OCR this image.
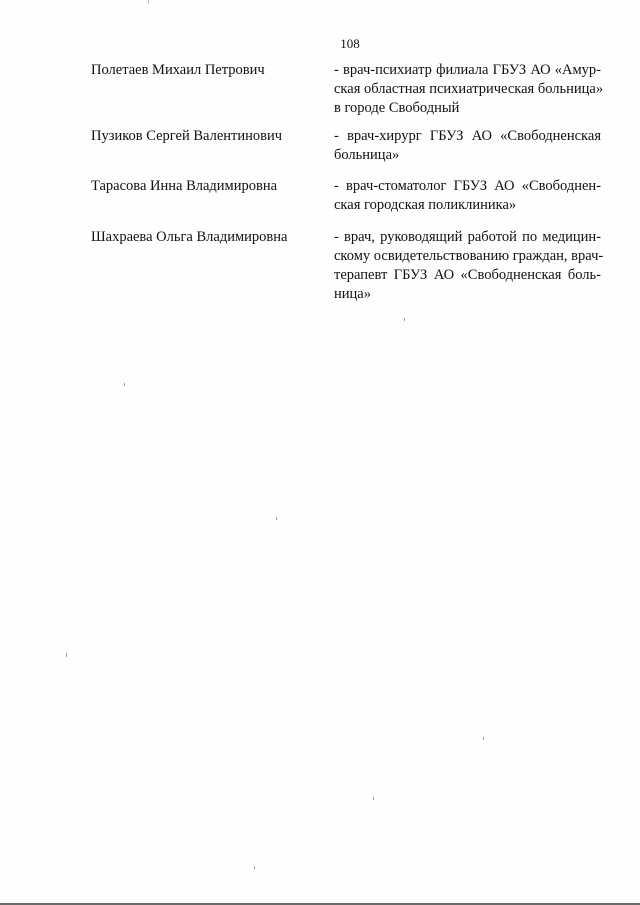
108
Полетаев Михаил Петрович	- врач-психиатр филиала ГБУЗ АО «Амур-
ская областная психиатрическая больница»
в городе Свободный
Пузиков Сергей Валентинович	- врач-хирург ГБУЗ АО «Свободненская
больница»
Тарасова Инна Владимировна	- врач-стоматолог ГБУЗ АО «Свободнен-
ская городская поликлиника»
Шахраева Ольга Владимировна	- врач, руководящий работой по медицин-
скому освидетельствованию граждан, врач-
терапевт ГБУЗ АО «Свободненская боль-
ница»
